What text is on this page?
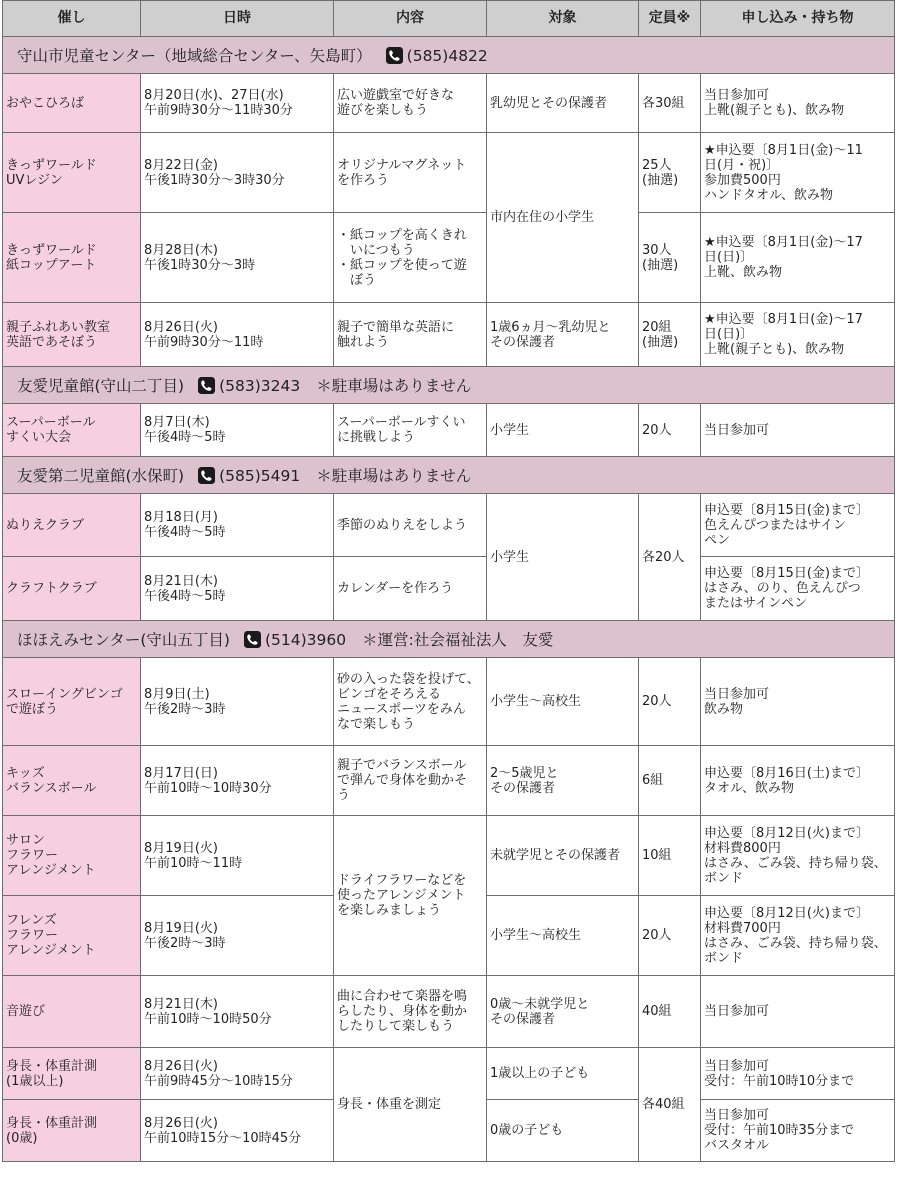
催し	日時	内容	対象	定員※	申し込み・持ち物
守山市児童センター（地域総合センター、矢島町） (585)4822					
おやこひろば	8月20日(水)、27日(水)
午前9時30分～11時30分	広い遊戯室で好きな
遊びを楽しもう	乳幼児とその保護者	各30組	当日参加可
上靴(親子とも)、飲み物
きっずワールド
UVレジン	8月22日(金)
午後1時30分～3時30分	オリジナルマグネット
を作ろう	市内在住の小学生	25人
(抽選)	★申込要〔8月1日(金)～11
日(月・祝)〕
参加費500円
ハンドタオル、飲み物
きっずワールド
紙コップアート	8月28日(木)
午後1時30分～3時	・紙コップを高くきれ
　いにつもう
・紙コップを使って遊
　ぼう		30人
(抽選)	★申込要〔8月1日(金)～17
日(日)〕
上靴、飲み物
親子ふれあい教室
英語であそぼう	8月26日(火)
午前9時30分～11時	親子で簡単な英語に
触れよう	1歳6ヵ月～乳幼児と
その保護者	20組
(抽選)	★申込要〔8月1日(金)～17
日(日)〕
上靴(親子とも)、飲み物
友愛児童館(守山二丁目) (583)3243 ＊駐車場はありません					
スーパーボール
すくい大会	8月7日(木)
午後4時～5時	スーパーボールすくい
に挑戦しよう	小学生	20人	当日参加可
友愛第二児童館(水保町) (585)5491 ＊駐車場はありません					
ぬりえクラブ	8月18日(月)
午後4時～5時	季節のぬりえをしよう	小学生	各20人	申込要〔8月15日(金)まで〕
色えんぴつまたはサイン
ペン
クラフトクラブ	8月21日(木)
午後4時～5時	カレンダーを作ろう			申込要〔8月15日(金)まで〕
はさみ、のり、色えんぴつ
またはサインペン
ほほえみセンター(守山五丁目) (514)3960 ＊運営:社会福祉法人　友愛					
スローイングビンゴ
で遊ぼう	8月9日(土)
午後2時～3時	砂の入った袋を投げて、
ビンゴをそろえる
ニュースポーツをみん
なで楽しもう	小学生～高校生	20人	当日参加可
飲み物
キッズ
バランスボール	8月17日(日)
午前10時～10時30分	親子でバランスボール
で弾んで身体を動かそ
う	2～5歳児と
その保護者	6組	申込要〔8月16日(土)まで〕
タオル、飲み物
サロン
フラワー
アレンジメント	8月19日(火)
午前10時～11時	ドライフラワーなどを
使ったアレンジメント
を楽しみましょう	未就学児とその保護者	10組	申込要〔8月12日(火)まで〕
材料費800円
はさみ、ごみ袋、持ち帰り袋、
ボンド
フレンズ
フラワー
アレンジメント	8月19日(火)
午後2時～3時		小学生～高校生	20人	申込要〔8月12日(火)まで〕
材料費700円
はさみ、ごみ袋、持ち帰り袋、
ボンド
音遊び	8月21日(木)
午前10時～10時50分	曲に合わせて楽器を鳴
らしたり、身体を動か
したりして楽しもう	0歳～未就学児と
その保護者	40組	当日参加可
身長・体重計測
(1歳以上)	8月26日(火)
午前9時45分～10時15分	身長・体重を測定	1歳以上の子ども	各40組	当日参加可
受付：午前10時10分まで
身長・体重計測
(0歳)	8月26日(火)
午前10時15分～10時45分		0歳の子ども		当日参加可
受付：午前10時35分まで
バスタオル
